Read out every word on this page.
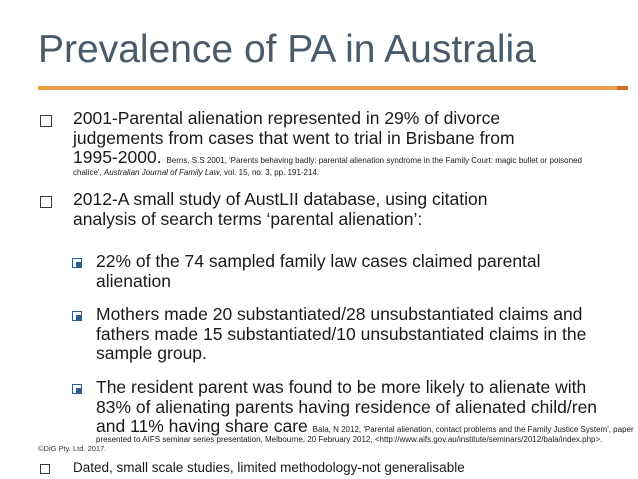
Prevalence of PA in Australia
2001-Parental alienation represented in 29% of divorce
judgements from cases that went to trial in Brisbane from
1995-2000. Berns, S.S 2001, 'Parents behaving badly: parental alienation syndrome in the Family Court: magic bullet or poisoned
chalice', Australian Journal of Family Law, vol. 15, no. 3, pp. 191-214.
2012-A small study of AustLII database, using citation
analysis of search terms ‘parental alienation’:
22% of the 74 sampled family law cases claimed parental
alienation
Mothers made 20 substantiated/28 unsubstantiated claims and
fathers made 15 substantiated/10 unsubstantiated claims in the
sample group.
The resident parent was found to be more likely to alienate with
83% of alienating parents having residence of alienated child/ren
and 11% having share care Bala, N 2012, 'Parental alienation, contact problems and the Family Justice System', paper
presented to AIFS seminar series presentation, Melbourne, 20 February 2012, <http://www.aifs.gov.au/institute/seminars/2012/bala/index.php>.
©DiG Pty. Ltd. 2017.
Dated, small scale studies, limited methodology-not generalisable
